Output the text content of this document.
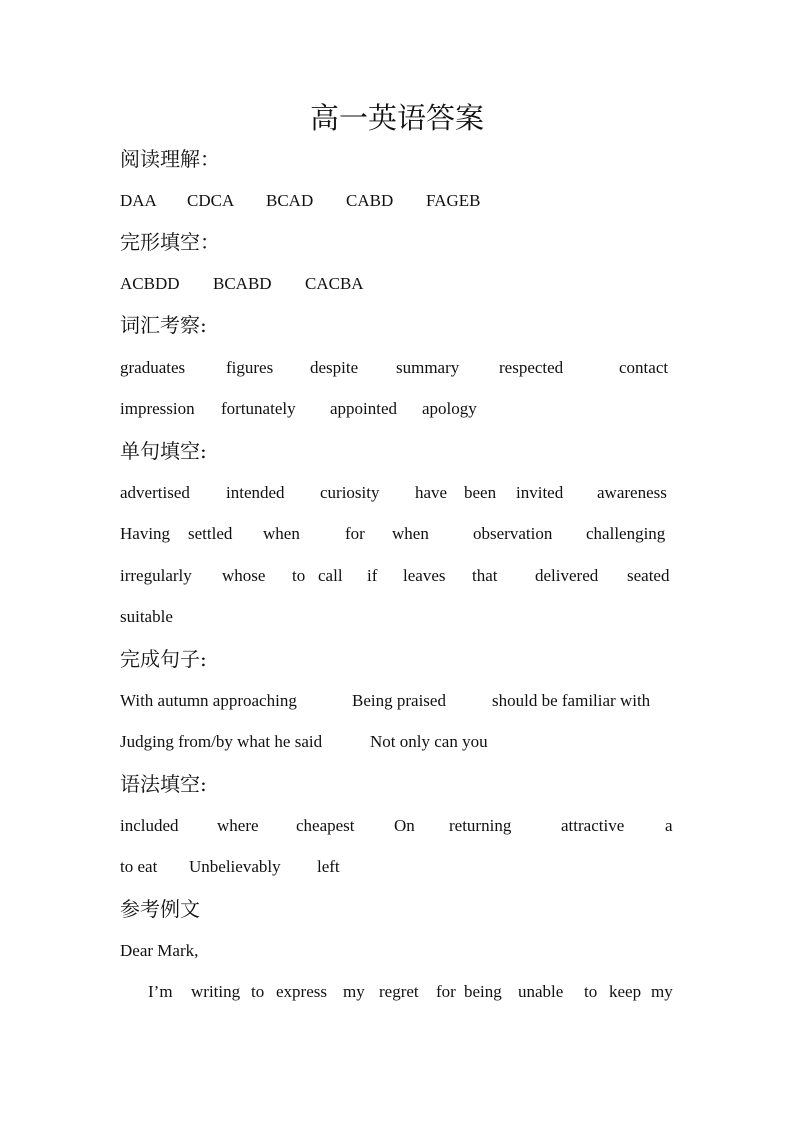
高一英语答案
阅读理解：
DAA CDCA BCAD CABD FAGEB
完形填空：
ACBDD BCABD CACBA
词汇考察:
graduates figures despite summary respected	contact
impression fortunately appointed apology
单句填空:
advertised intended curiosity have been invited awareness
Having settled when	for when	observation challenging
irregularly whose to call if leaves that delivered seated
suitable
完成句子:
With autumn approaching	Being praised	should be familiar with
Judging from/by what he said	Not only can you
语法填空:
included where cheapest On returning	attractive a
to eat Unbelievably left
参考例文
Dear Mark,
I’m writing to express my regret for being unable to keep my
